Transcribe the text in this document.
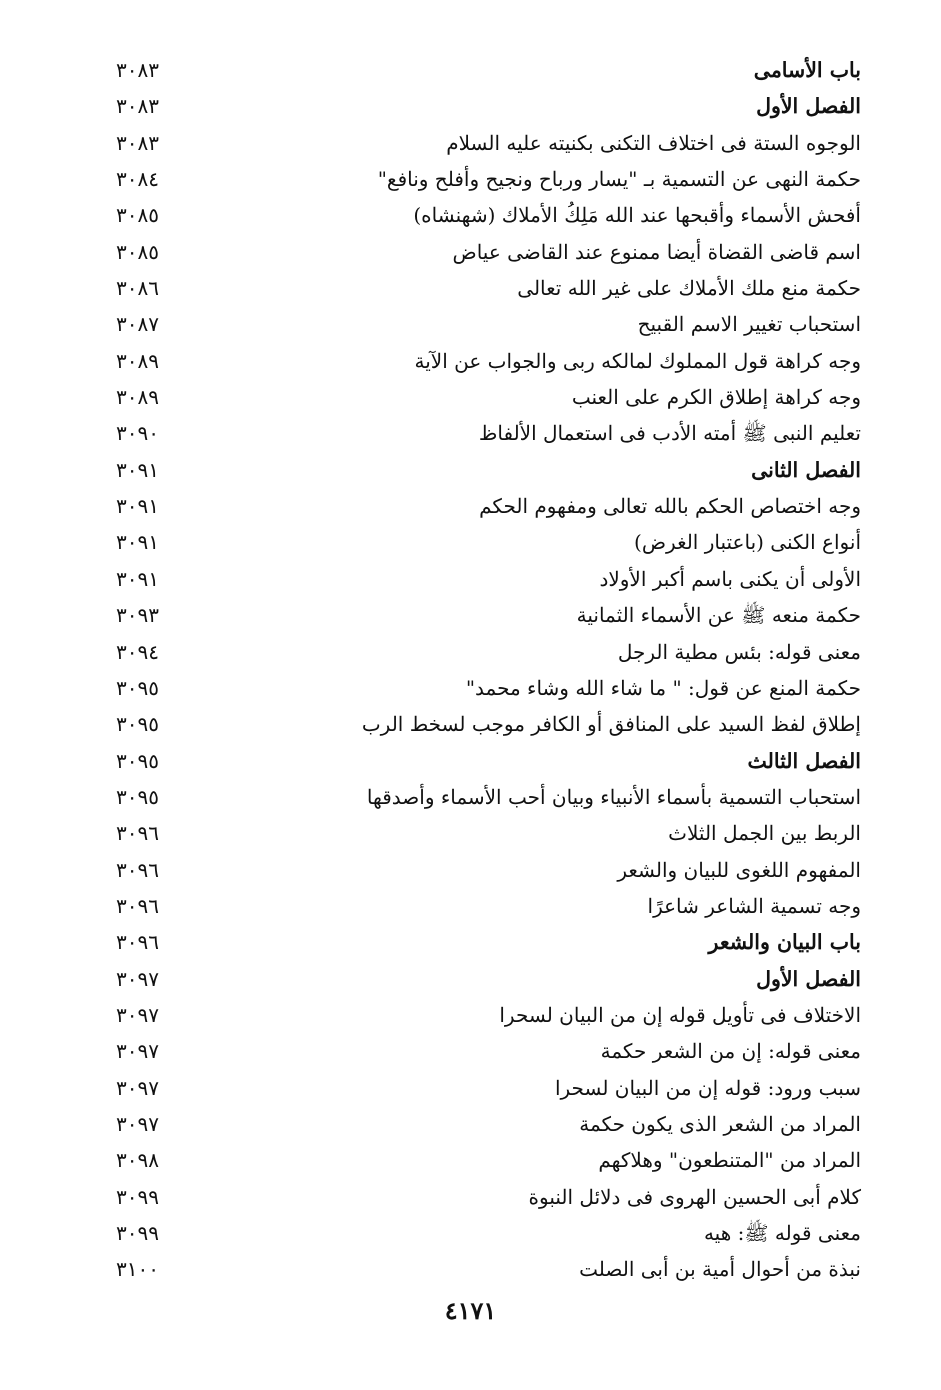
٣٠٨٣	باب الأسامى
٣٠٨٣	الفصل الأول
٣٠٨٣	الوجوه الستة فى اختلاف التكنى بكنيته عليه السلام
٣٠٨٤	حكمة النهى عن التسمية بـ "يسار ورباح ونجيح وأفلح ونافع"
٣٠٨٥	أفحش الأسماء وأقبحها عند الله مَلِكُ الأملاك (شهنشاه)
٣٠٨٥	اسم قاضى القضاة أيضا ممنوع عند القاضى عياض
٣٠٨٦	حكمة منع ملك الأملاك على غير الله تعالى
٣٠٨٧	استحباب تغيير الاسم القبيح
٣٠٨٩	وجه كراهة قول المملوك لمالكه ربى والجواب عن الآية
٣٠٨٩	وجه كراهة إطلاق الكرم على العنب
٣٠٩٠	تعليم النبى ﷺ أمته الأدب فى استعمال الألفاظ
٣٠٩١	الفصل الثانى
٣٠٩١	وجه اختصاص الحكم بالله تعالى ومفهوم الحكم
٣٠٩١	أنواع الكنى (باعتبار الغرض)
٣٠٩١	الأولى أن يكنى باسم أكبر الأولاد
٣٠٩٣	حكمة منعه ﷺ عن الأسماء الثمانية
٣٠٩٤	معنى قوله: بئس مطية الرجل
٣٠٩٥	حكمة المنع عن قول: " ما شاء الله وشاء محمد"
٣٠٩٥	إطلاق لفظ السيد على المنافق أو الكافر موجب لسخط الرب
٣٠٩٥	الفصل الثالث
٣٠٩٥	استحباب التسمية بأسماء الأنبياء وبيان أحب الأسماء وأصدقها
٣٠٩٦	الربط بين الجمل الثلاث
٣٠٩٦	المفهوم اللغوى للبيان والشعر
٣٠٩٦	وجه تسمية الشاعر شاعرًا
٣٠٩٦	باب البيان والشعر
٣٠٩٧	الفصل الأول
٣٠٩٧	الاختلاف فى تأويل قوله إن من البيان لسحرا
٣٠٩٧	معنى قوله: إن من الشعر حكمة
٣٠٩٧	سبب ورود: قوله إن من البيان لسحرا
٣٠٩٧	المراد من الشعر الذى يكون حكمة
٣٠٩٨	المراد من "المتنطعون" وهلاكهم
٣٠٩٩	كلام أبى الحسين الهروى فى دلائل النبوة
٣٠٩٩	معنى قوله ﷺ: هيه
٣١٠٠	نبذة من أحوال أمية بن أبى الصلت
٤١٧١
